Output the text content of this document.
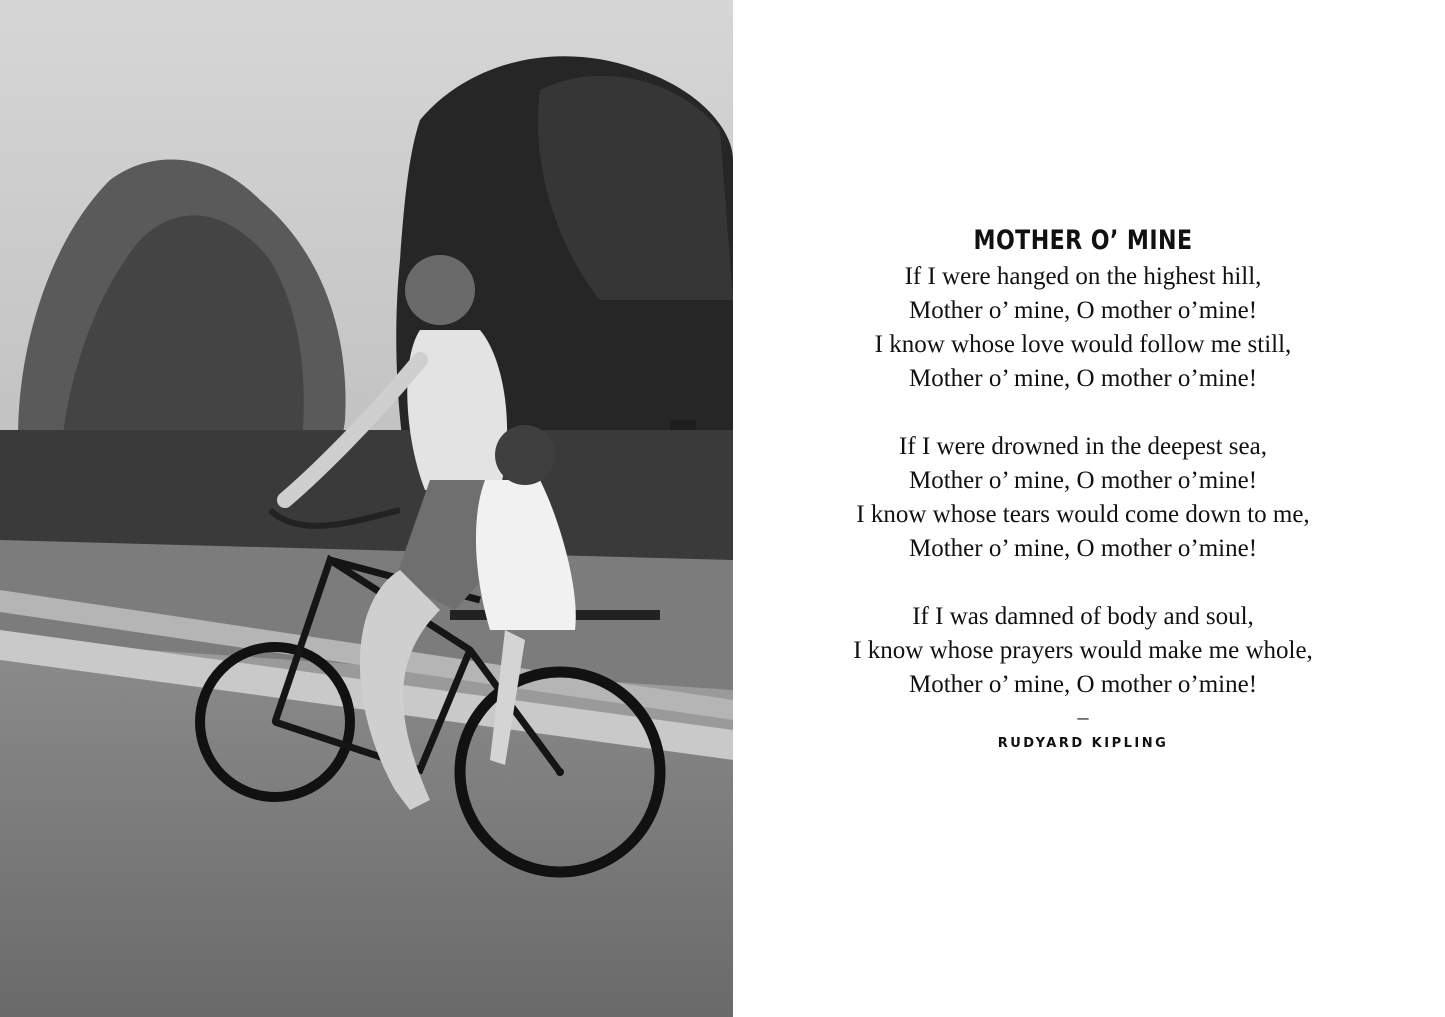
MOTHER O’ MINE
If I were hanged on the highest hill,
Mother o’ mine, O mother o’mine!
I know whose love would follow me still,
Mother o’ mine, O mother o’mine!
If I were drowned in the deepest sea,
Mother o’ mine, O mother o’mine!
I know whose tears would come down to me,
Mother o’ mine, O mother o’mine!
If I was damned of body and soul,
I know whose prayers would make me whole,
Mother o’ mine, O mother o’mine!
–
RUDYARD KIPLING
